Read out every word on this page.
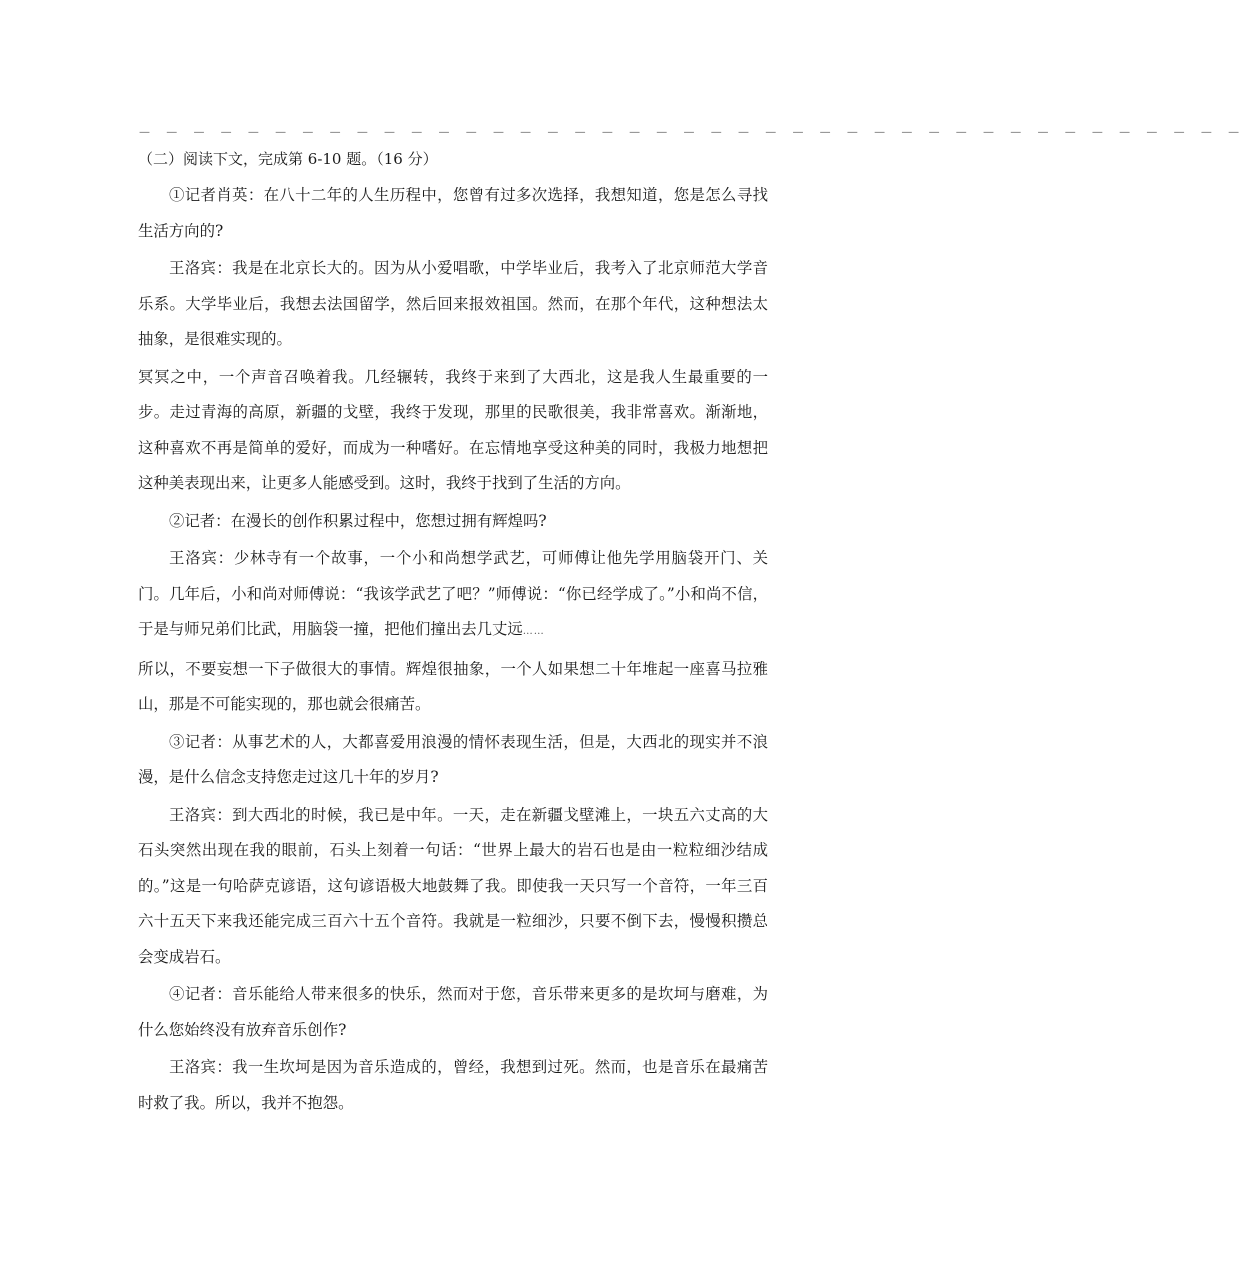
－ － － － － － － － － － － － － － － － － － － － － － － － － － － － － － － － － － － － － － － － －
（二）阅读下文，完成第 6-10 题。（16 分）

①记者肖英：在八十二年的人生历程中，您曾有过多次选择，我想知道，您是怎么寻找生活方向的?

王洛宾：我是在北京长大的。因为从小爱唱歌，中学毕业后，我考入了北京师范大学音乐系。大学毕业后，我想去法国留学，然后回来报效祖国。然而，在那个年代，这种想法太抽象，是很难实现的。

冥冥之中，一个声音召唤着我。几经辗转，我终于来到了大西北，这是我人生最重要的一步。走过青海的高原，新疆的戈壁，我终于发现，那里的民歌很美，我非常喜欢。渐渐地，这种喜欢不再是简单的爱好，而成为一种嗜好。在忘情地享受这种美的同时，我极力地想把这种美表现出来，让更多人能感受到。这时，我终于找到了生活的方向。

②记者：在漫长的创作积累过程中，您想过拥有辉煌吗?

王洛宾：少林寺有一个故事，一个小和尚想学武艺，可师傅让他先学用脑袋开门、关门。几年后，小和尚对师傅说：“我该学武艺了吧？”师傅说：“你已经学成了。”小和尚不信，于是与师兄弟们比武，用脑袋一撞，把他们撞出去几丈远……

所以，不要妄想一下子做很大的事情。辉煌很抽象，一个人如果想二十年堆起一座喜马拉雅山，那是不可能实现的，那也就会很痛苦。

③记者：从事艺术的人，大都喜爱用浪漫的情怀表现生活，但是，大西北的现实并不浪漫，是什么信念支持您走过这几十年的岁月?

王洛宾：到大西北的时候，我已是中年。一天，走在新疆戈壁滩上，一块五六丈高的大石头突然出现在我的眼前，石头上刻着一句话：“世界上最大的岩石也是由一粒粒细沙结成的。”这是一句哈萨克谚语，这句谚语极大地鼓舞了我。即使我一天只写一个音符，一年三百六十五天下来我还能完成三百六十五个音符。我就是一粒细沙，只要不倒下去，慢慢积攒总会变成岩石。

④记者：音乐能给人带来很多的快乐，然而对于您，音乐带来更多的是坎坷与磨难，为什么您始终没有放弃音乐创作?

王洛宾：我一生坎坷是因为音乐造成的，曾经，我想到过死。然而，也是音乐在最痛苦时救了我。所以，我并不抱怨。
